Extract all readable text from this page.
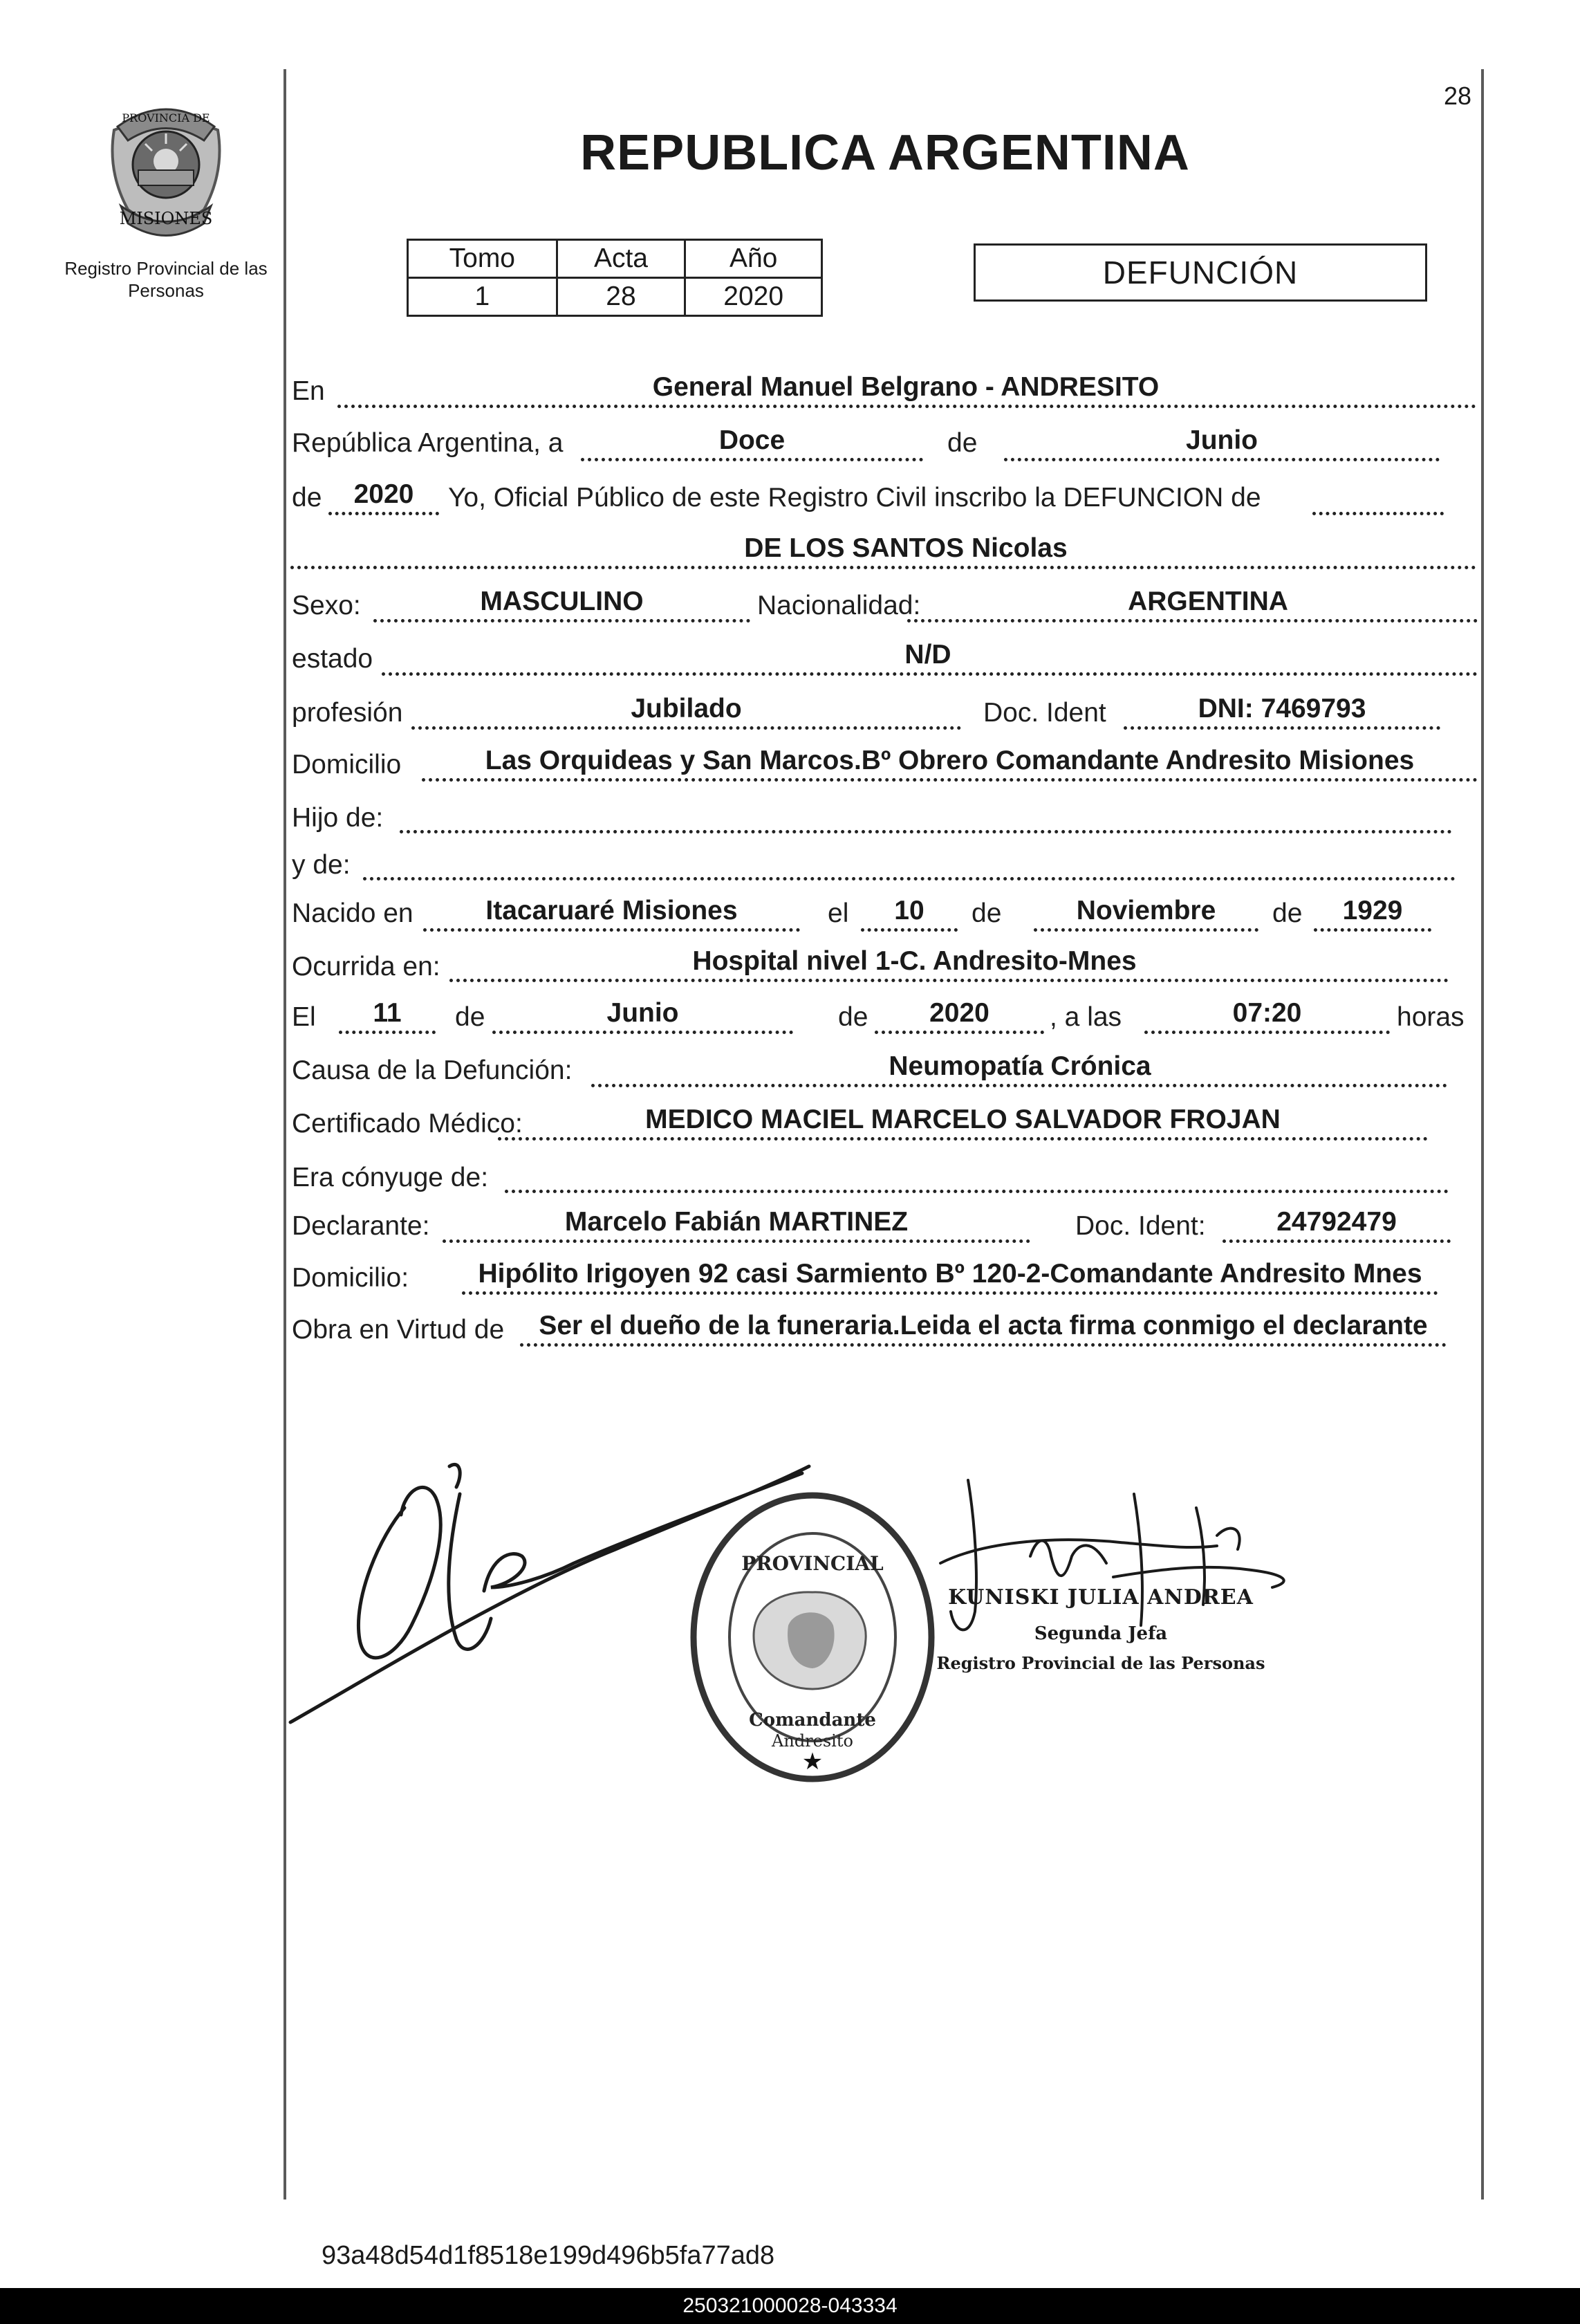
28
MISIONES
PROVINCIA DE
Registro Provincial de las Personas
REPUBLICA ARGENTINA
Tomo	Acta	Año
1	28	2020
DEFUNCIÓN
En	General Manuel Belgrano - ANDRESITO
República Argentina, a	Doce	de	Junio
de	2020	Yo, Oficial Público de este Registro Civil inscribo la DEFUNCION de
DE LOS SANTOS Nicolas
Sexo:	MASCULINO	Nacionalidad:	ARGENTINA
estado	N/D
profesión	Jubilado	Doc. Ident	DNI: 7469793
Domicilio	Las Orquideas y San Marcos.Bº Obrero Comandante Andresito Misiones
Hijo de:
y de:
Nacido en	Itacaruaré Misiones	el	10	de	Noviembre	de	1929
Ocurrida en:	Hospital nivel 1-C. Andresito-Mnes
El	11	de	Junio	de	2020	, a las	07:20	horas
Causa de la Defunción:	Neumopatía Crónica
Certificado Médico:	MEDICO MACIEL MARCELO SALVADOR FROJAN
Era cónyuge de:
Declarante:	Marcelo Fabián MARTINEZ	Doc. Ident:	24792479
Domicilio:	Hipólito Irigoyen 92 casi Sarmiento Bº 120-2-Comandante Andresito Mnes
Obra en Virtud de	Ser el dueño de la funeraria.Leida el acta firma conmigo el declarante
PROVINCIAL
Comandante
Andresito
★
KUNISKI JULIA ANDREA
Segunda Jefa
Registro Provincial de las Personas
93a48d54d1f8518e199d496b5fa77ad8
250321000028-043334
